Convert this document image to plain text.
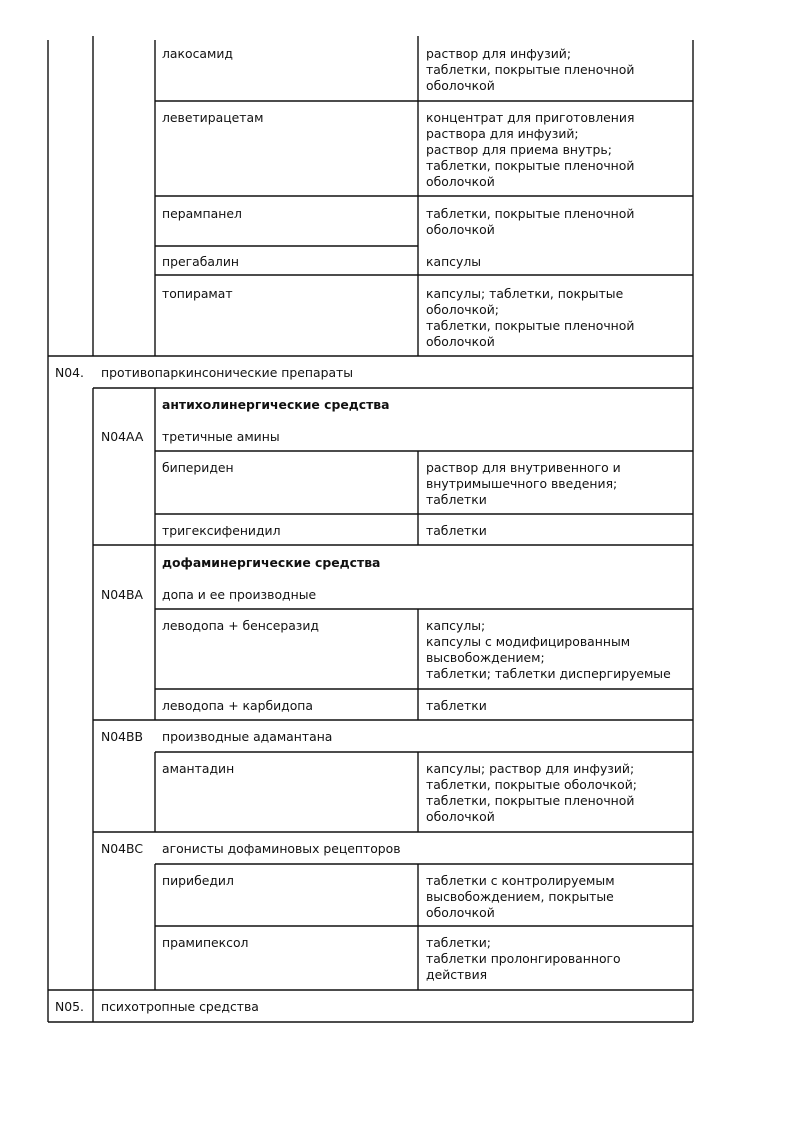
лакосамид	раствор для инфузий;
таблетки, покрытые пленочной
оболочкой
леветирацетам	концентрат для приготовления
раствора для инфузий;
раствор для приема внутрь;
таблетки, покрытые пленочной
оболочкой
перампанел	таблетки, покрытые пленочной
оболочкой
прегабалин	капсулы
топирамат	капсулы; таблетки, покрытые
оболочкой;
таблетки, покрытые пленочной
оболочкой
N04. противопаркинсонические препараты
N04AA
антихолинергические средства
третичные амины
бипериден	раствор для внутривенного и
внутримышечного введения;
таблетки
тригексифенидил	таблетки
N04BA
дофаминергические средства
допа и ее производные
леводопа + бенсеразид	капсулы;
капсулы с модифицированным
высвобождением;
таблетки; таблетки диспергируемые
леводопа + карбидопа	таблетки
N04BB производные адамантана
амантадин	капсулы; раствор для инфузий;
таблетки, покрытые оболочкой;
таблетки, покрытые пленочной
оболочкой
N04BC агонисты дофаминовых рецепторов
пирибедил	таблетки с контролируемым
высвобождением, покрытые
оболочкой
прамипексол	таблетки;
таблетки пролонгированного
действия
N05. психотропные средства
